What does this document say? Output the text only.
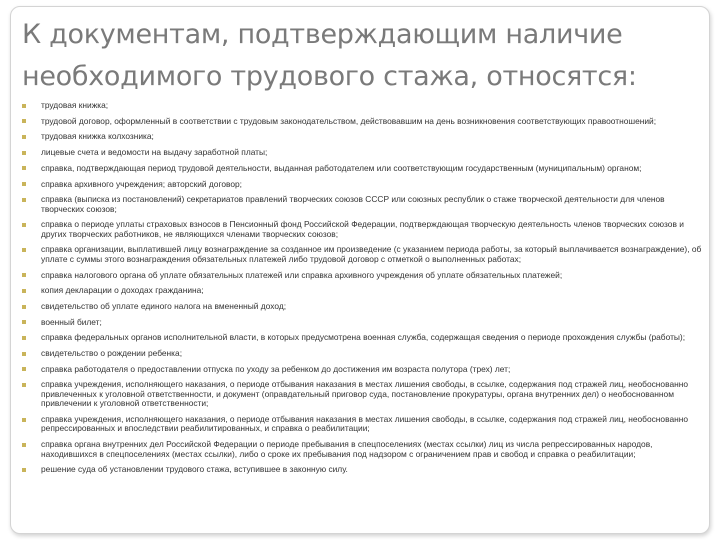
К документам, подтверждающим наличие необходимого трудового стажа, относятся:
трудовая книжка;
трудовой договор, оформленный в соответствии с трудовым законодательством, действовавшим на день возникновения соответствующих правоотношений;
трудовая книжка колхозника;
лицевые счета и ведомости на выдачу заработной платы;
справка, подтверждающая период трудовой деятельности, выданная работодателем или соответствующим государственным (муниципальным) органом;
справка архивного учреждения; авторский договор;
справка (выписка из постановлений) секретариатов правлений творческих союзов СССР или союзных республик о стаже творческой деятельности для членов творческих союзов;
справка о периоде уплаты страховых взносов в Пенсионный фонд Российской Федерации, подтверждающая творческую деятельность членов творческих союзов и других творческих работников, не являющихся членами творческих союзов;
справка организации, выплатившей лицу вознаграждение за созданное им произведение (с указанием периода работы, за который выплачивается вознаграждение), об уплате с суммы этого вознаграждения обязательных платежей либо трудовой договор с отметкой о выполненных работах;
справка налогового органа об уплате обязательных платежей или справка архивного учреждения об уплате обязательных платежей;
копия декларации о доходах гражданина;
свидетельство об уплате единого налога на вмененный доход;
военный билет;
справка федеральных органов исполнительной власти, в которых предусмотрена военная служба, содержащая сведения о периоде прохождения службы (работы);
свидетельство о рождении ребенка;
справка работодателя о предоставлении отпуска по уходу за ребенком до достижения им возраста полутора (трех) лет;
справка учреждения, исполняющего наказания, о периоде отбывания наказания в местах лишения свободы, в ссылке, содержания под стражей лиц, необоснованно привлеченных к уголовной ответственности, и документ (оправдательный приговор суда, постановление прокуратуры, органа внутренних дел) о необоснованном привлечении к уголовной ответственности;
справка учреждения, исполняющего наказания, о периоде отбывания наказания в местах лишения свободы, в ссылке, содержания под стражей лиц, необоснованно репрессированных и впоследствии реабилитированных, и справка о реабилитации;
справка органа внутренних дел Российской Федерации о периоде пребывания в спецпоселениях (местах ссылки) лиц из числа репрессированных народов, находившихся в спецпоселениях (местах ссылки), либо о сроке их пребывания под надзором с ограничением прав и свобод и справка о реабилитации;
решение суда об установлении трудового стажа, вступившее в законную силу.
